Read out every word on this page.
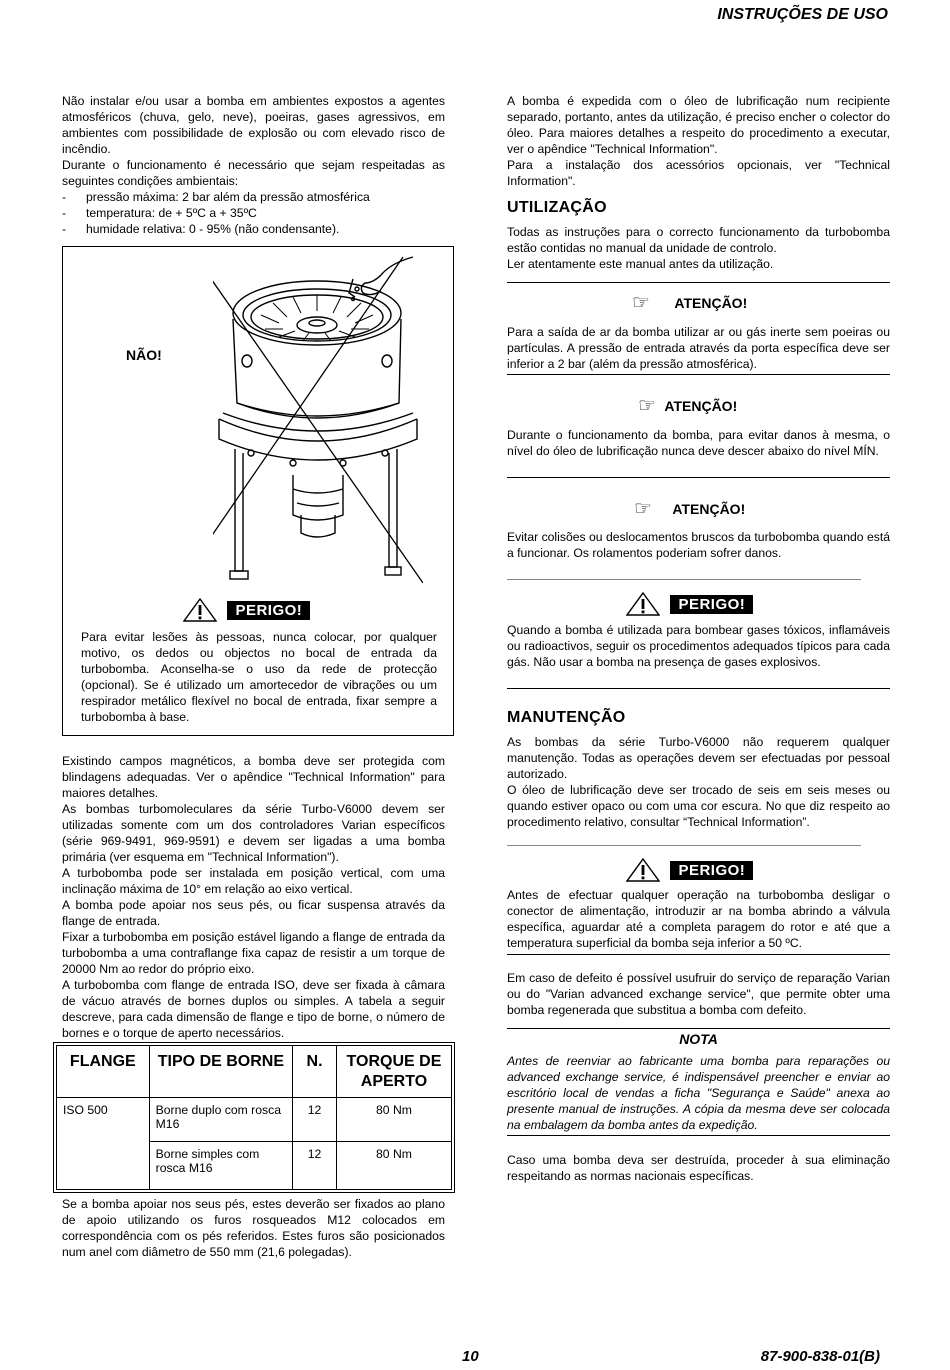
INSTRUÇÕES DE USO

Não instalar e/ou usar a bomba em ambientes expostos a agentes atmosféricos (chuva, gelo, neve), poeiras, gases agressivos, em ambientes com possibilidade de explosão ou com elevado risco de incêndio.

Durante o funcionamento é necessário que sejam respeitadas as seguintes condições ambientais:

- pressão máxima: 2 bar além da pressão atmosférica
- temperatura: de + 5ºC a + 35ºC
- humidade relativa: 0 - 95% (não condensante).
NÃO!
PERIGO!

Para evitar lesões às pessoas, nunca colocar, por qualquer motivo, os dedos ou objectos no bocal de entrada da turbobomba. Aconselha-se o uso da rede de protecção (opcional). Se é utilizado um amortecedor de vibrações ou um respirador metálico flexível no bocal de entrada, fixar sempre a turbobomba à base.

Existindo campos magnéticos, a bomba deve ser protegida com blindagens adequadas. Ver o apêndice "Technical Information" para maiores detalhes.

As bombas turbomoleculares da série Turbo-V6000 devem ser utilizadas somente com um dos controladores Varian específicos (série 969-9491, 969-9591) e devem ser ligadas a uma bomba primária (ver esquema em "Technical Information").

A turbobomba pode ser instalada em posição vertical, com uma inclinação máxima de 10° em relação ao eixo vertical.

A bomba pode apoiar nos seus pés, ou ficar suspensa através da flange de entrada.

Fixar a turbobomba em posição estável ligando a flange de entrada da turbobomba a uma contraflange fixa capaz de resistir a um torque de 20000 Nm ao redor do próprio eixo.

A turbobomba com flange de entrada ISO, deve ser fixada à câmara de vácuo através de bornes duplos ou simples. A tabela a seguir descreve, para cada dimensão de flange e tipo de borne, o número de bornes e o torque de aperto necessários.

FLANGE	TIPO DE BORNE	N.	TORQUE DE APERTO
ISO 500	Borne duplo com rosca M16	12	80 Nm
	Borne simples com rosca M16	12	80 Nm

Se a bomba apoiar nos seus pés, estes deverão ser fixados ao plano de apoio utilizando os furos rosqueados M12 colocados em correspondência com os pés referidos. Estes furos são posicionados num anel com diâmetro de 550 mm (21,6 polegadas).

A bomba é expedida com o óleo de lubrificação num recipiente separado, portanto, antes da utilização, é preciso encher o colector do óleo. Para maiores detalhes a respeito do procedimento a executar, ver o apêndice "Technical Information".

Para a instalação dos acessórios opcionais, ver "Technical Information".

UTILIZAÇÃO

Todas as instruções para o correcto funcionamento da turbobomba estão contidas no manual da unidade de controlo.

Ler atentamente este manual antes da utilização.

☞ ATENÇÃO!

Para a saída de ar da bomba utilizar ar ou gás inerte sem poeiras ou partículas. A pressão de entrada através da porta específica deve ser inferior a 2 bar (além da pressão atmosférica).

☞ ATENÇÃO!

Durante o funcionamento da bomba, para evitar danos à mesma, o nível do óleo de lubrificação nunca deve descer abaixo do nível MÍN.

☞ ATENÇÃO!

Evitar colisões ou deslocamentos bruscos da turbobomba quando está a funcionar. Os rolamentos poderiam sofrer danos.

PERIGO!

Quando a bomba é utilizada para bombear gases tóxicos, inflamáveis ou radioactivos, seguir os procedimentos adequados típicos para cada gás. Não usar a bomba na presença de gases explosivos.

MANUTENÇÃO

As bombas da série Turbo-V6000 não requerem qualquer manutenção. Todas as operações devem ser efectuadas por pessoal autorizado.

O óleo de lubrificação deve ser trocado de seis em seis meses ou quando estiver opaco ou com uma cor escura. No que diz respeito ao procedimento relativo, consultar “Technical Information”.

PERIGO!

Antes de efectuar qualquer operação na turbobomba desligar o conector de alimentação, introduzir ar na bomba abrindo a válvula específica, aguardar até a completa paragem do rotor e até que a temperatura superficial da bomba seja inferior a 50 ºC.

Em caso de defeito é possível usufruir do serviço de reparação Varian ou do "Varian advanced exchange service", que permite obter uma bomba regenerada que substitua a bomba com defeito.

NOTA

Antes de reenviar ao fabricante uma bomba para reparações ou advanced exchange service, é indispensável preencher e enviar ao escritório local de vendas a ficha "Segurança e Saúde" anexa ao presente manual de instruções. A cópia da mesma deve ser colocada na embalagem da bomba antes da expedição.

Caso uma bomba deva ser destruída, proceder à sua eliminação respeitando as normas nacionais específicas.

10	87-900-838-01(B)
